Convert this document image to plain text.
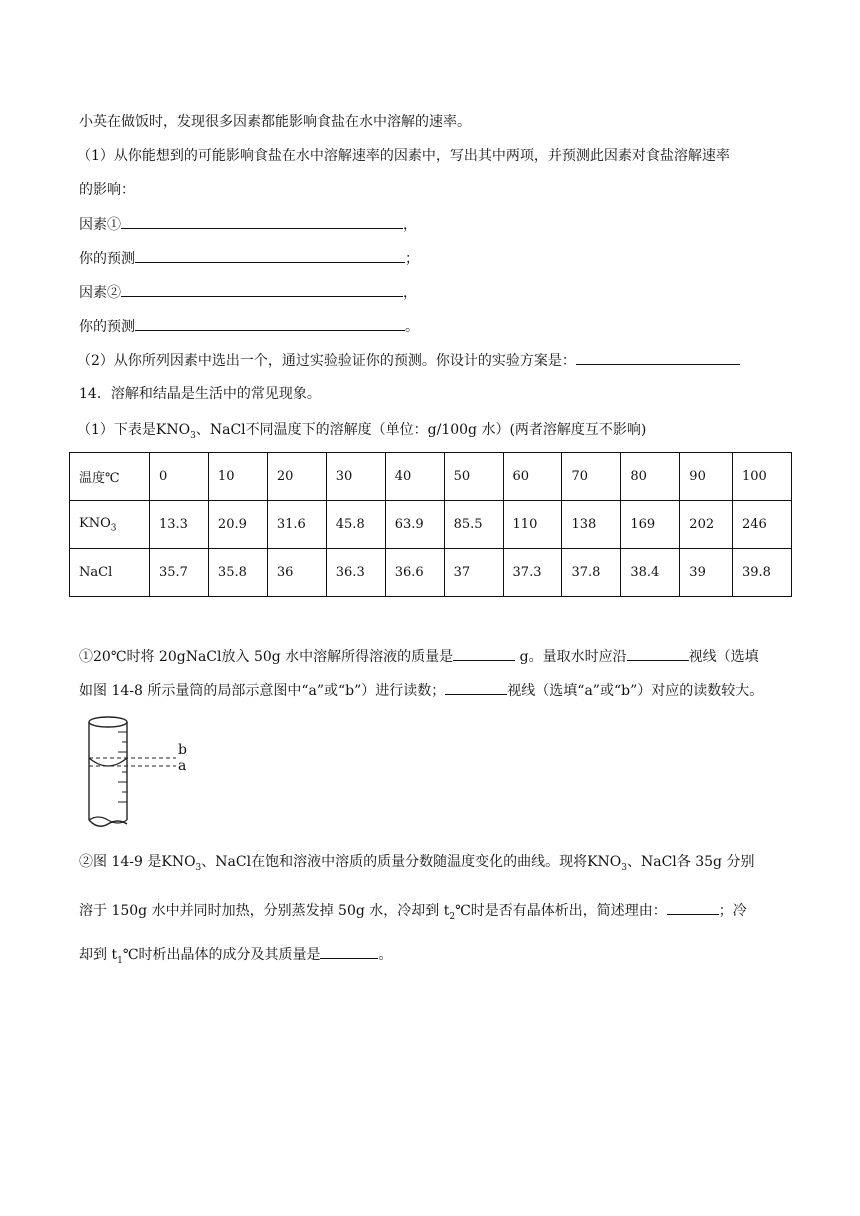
小英在做饭时，发现很多因素都能影响食盐在水中溶解的速率。
（1）从你能想到的可能影响食盐在水中溶解速率的因素中，写出其中两项，并预测此因素对食盐溶解速率
的影响：
因素①	，
你的预测	；
因素②	，
你的预测	。
（2）从你所列因素中选出一个，通过实验验证你的预测。你设计的实验方案是：
14．溶解和结晶是生活中的常见现象。
（1）下表是$KNO_3$、NaCl不同温度下的溶解度（单位：g/100g 水）(两者溶解度互不影响)
温度℃	0	10	20	30	40	50	60	70	80	90	100
$KNO_3$	13.3	20.9	31.6	45.8	63.9	85.5	110	138	169	202	246
NaCl	35.7	35.8	36	36.3	36.6	37	37.3	37.8	38.4	39	39.8
①20℃时将 20gNaCl放入 50g 水中溶解所得溶液的质量是	g。量取水时应沿	视线（选填
如图 14-8 所示量筒的局部示意图中“a”或“b”）进行读数；	视线（选填“a”或“b”）对应的读数较大。
b
a
②图 14-9 是$KNO_3$、NaCl在饱和溶液中溶质的质量分数随温度变化的曲线。现将$KNO_3$、NaCl各 35g 分别
溶于 150g 水中并同时加热，分别蒸发掉 50g 水，冷却到 $t_2℃$时是否有晶体析出，简述理由：	；冷
却到 $t_1℃$时析出晶体的成分及其质量是	。
